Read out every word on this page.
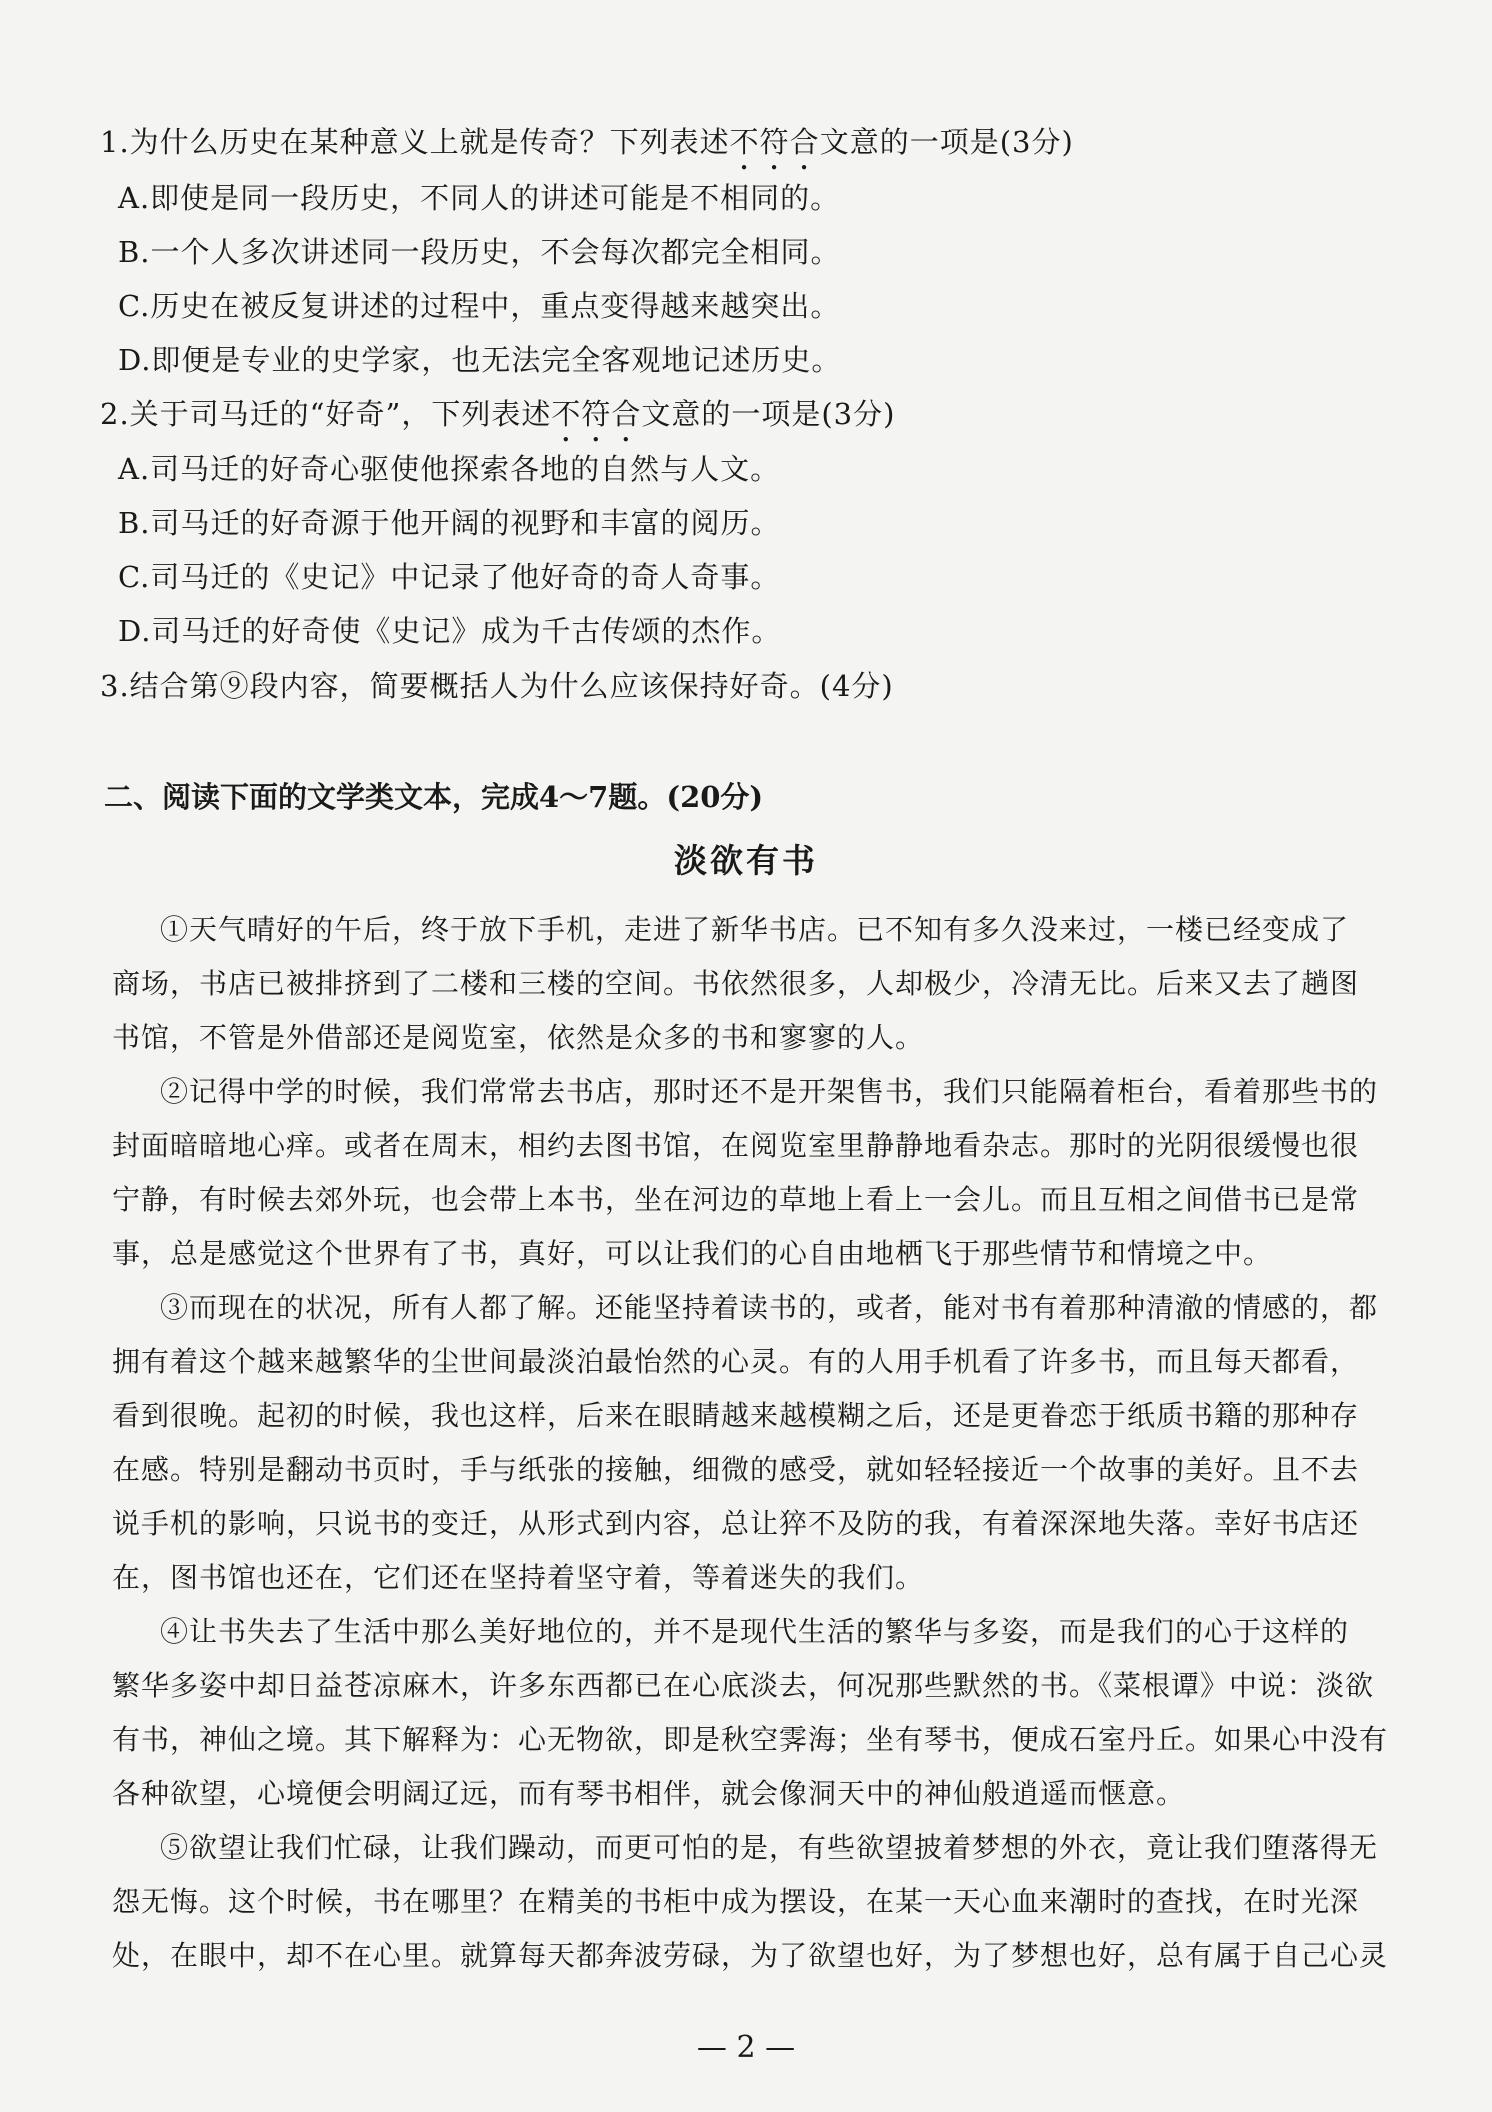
1.为什么历史在某种意义上就是传奇？下列表述不符合文意的一项是(3分)
A.即使是同一段历史，不同人的讲述可能是不相同的。
B.一个人多次讲述同一段历史，不会每次都完全相同。
C.历史在被反复讲述的过程中，重点变得越来越突出。
D.即便是专业的史学家，也无法完全客观地记述历史。
2.关于司马迁的“好奇”，下列表述不符合文意的一项是(3分)
A.司马迁的好奇心驱使他探索各地的自然与人文。
B.司马迁的好奇源于他开阔的视野和丰富的阅历。
C.司马迁的《史记》中记录了他好奇的奇人奇事。
D.司马迁的好奇使《史记》成为千古传颂的杰作。
3.结合第⑨段内容，简要概括人为什么应该保持好奇。(4分)
二、阅读下面的文学类文本，完成4～7题。(20分)
淡欲有书
①天气晴好的午后，终于放下手机，走进了新华书店。已不知有多久没来过，一楼已经变成了
商场，书店已被排挤到了二楼和三楼的空间。书依然很多，人却极少，冷清无比。后来又去了趟图
书馆，不管是外借部还是阅览室，依然是众多的书和寥寥的人。
②记得中学的时候，我们常常去书店，那时还不是开架售书，我们只能隔着柜台，看着那些书的
封面暗暗地心痒。或者在周末，相约去图书馆，在阅览室里静静地看杂志。那时的光阴很缓慢也很
宁静，有时候去郊外玩，也会带上本书，坐在河边的草地上看上一会儿。而且互相之间借书已是常
事，总是感觉这个世界有了书，真好，可以让我们的心自由地栖飞于那些情节和情境之中。
③而现在的状况，所有人都了解。还能坚持着读书的，或者，能对书有着那种清澈的情感的，都
拥有着这个越来越繁华的尘世间最淡泊最怡然的心灵。有的人用手机看了许多书，而且每天都看，
看到很晚。起初的时候，我也这样，后来在眼睛越来越模糊之后，还是更眷恋于纸质书籍的那种存
在感。特别是翻动书页时，手与纸张的接触，细微的感受，就如轻轻接近一个故事的美好。且不去
说手机的影响，只说书的变迁，从形式到内容，总让猝不及防的我，有着深深地失落。幸好书店还
在，图书馆也还在，它们还在坚持着坚守着，等着迷失的我们。
④让书失去了生活中那么美好地位的，并不是现代生活的繁华与多姿，而是我们的心于这样的
繁华多姿中却日益苍凉麻木，许多东西都已在心底淡去，何况那些默然的书。《菜根谭》中说：淡欲
有书，神仙之境。其下解释为：心无物欲，即是秋空霁海；坐有琴书，便成石室丹丘。如果心中没有
各种欲望，心境便会明阔辽远，而有琴书相伴，就会像洞天中的神仙般逍遥而惬意。
⑤欲望让我们忙碌，让我们躁动，而更可怕的是，有些欲望披着梦想的外衣，竟让我们堕落得无
怨无悔。这个时候，书在哪里？在精美的书柜中成为摆设，在某一天心血来潮时的查找，在时光深
处，在眼中，却不在心里。就算每天都奔波劳碌，为了欲望也好，为了梦想也好，总有属于自己心灵
— 2 —
